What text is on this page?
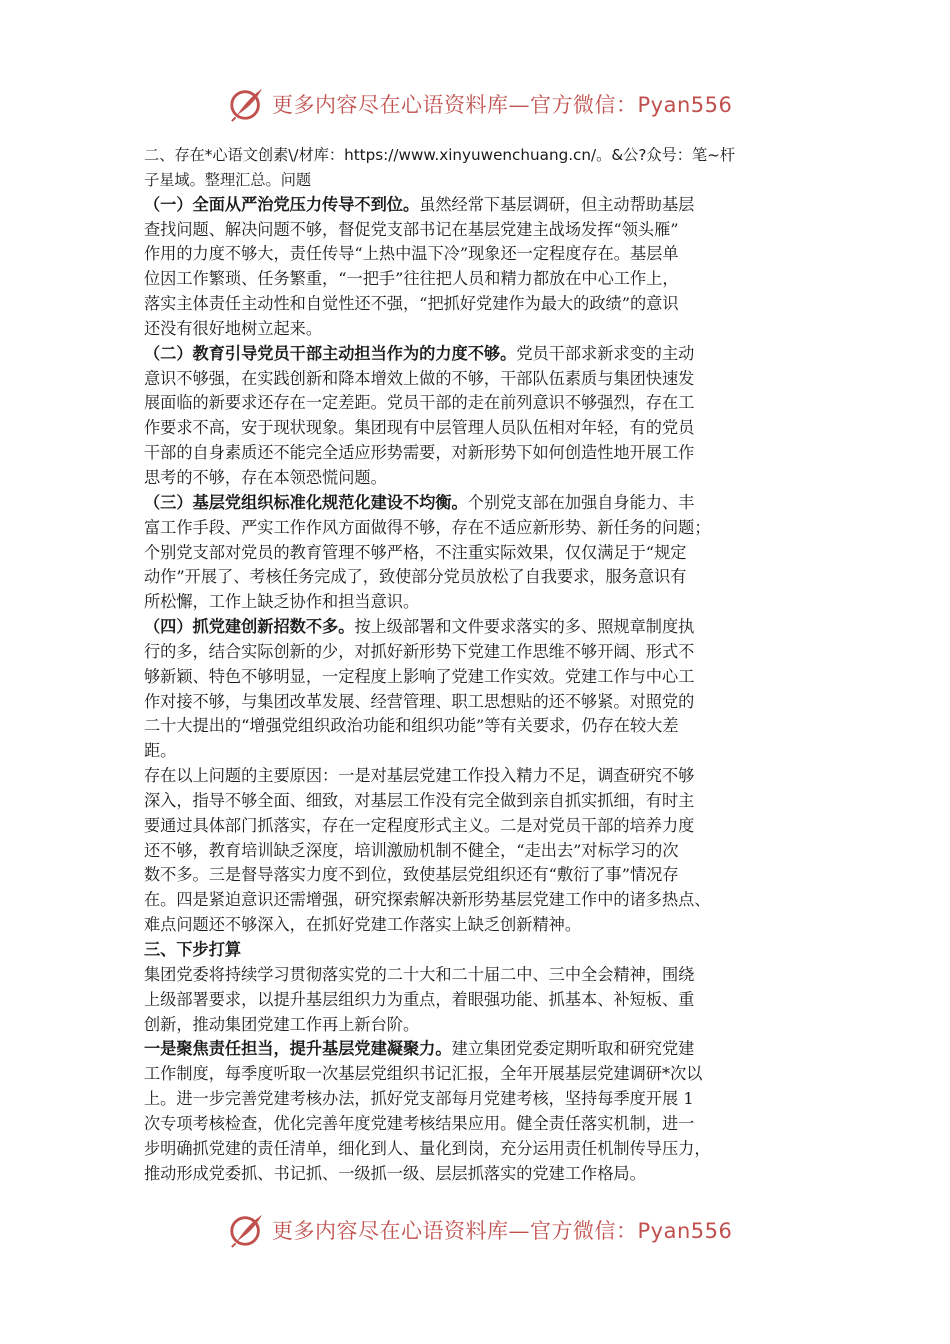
更多内容尽在心语资料库—官方微信：Pyan556
二、存在*心语文创素\/材库：https://www.xinyuwenchuang.cn/。&公?众号：笔~杆
子星域。整理汇总。问题
（一）全面从严治党压力传导不到位。虽然经常下基层调研，但主动帮助基层
查找问题、解决问题不够，督促党支部书记在基层党建主战场发挥“领头雁”
作用的力度不够大，责任传导“上热中温下冷”现象还一定程度存在。基层单
位因工作繁琐、任务繁重，“一把手”往往把人员和精力都放在中心工作上，
落实主体责任主动性和自觉性还不强，“把抓好党建作为最大的政绩”的意识
还没有很好地树立起来。
（二）教育引导党员干部主动担当作为的力度不够。党员干部求新求变的主动
意识不够强，在实践创新和降本增效上做的不够，干部队伍素质与集团快速发
展面临的新要求还存在一定差距。党员干部的走在前列意识不够强烈，存在工
作要求不高，安于现状现象。集团现有中层管理人员队伍相对年轻，有的党员
干部的自身素质还不能完全适应形势需要，对新形势下如何创造性地开展工作
思考的不够，存在本领恐慌问题。
（三）基层党组织标准化规范化建设不均衡。个别党支部在加强自身能力、丰
富工作手段、严实工作作风方面做得不够，存在不适应新形势、新任务的问题；
个别党支部对党员的教育管理不够严格，不注重实际效果，仅仅满足于“规定
动作”开展了、考核任务完成了，致使部分党员放松了自我要求，服务意识有
所松懈，工作上缺乏协作和担当意识。
（四）抓党建创新招数不多。按上级部署和文件要求落实的多、照规章制度执
行的多，结合实际创新的少，对抓好新形势下党建工作思维不够开阔、形式不
够新颖、特色不够明显，一定程度上影响了党建工作实效。党建工作与中心工
作对接不够，与集团改革发展、经营管理、职工思想贴的还不够紧。对照党的
二十大提出的“增强党组织政治功能和组织功能”等有关要求，仍存在较大差
距。
存在以上问题的主要原因：一是对基层党建工作投入精力不足，调查研究不够
深入，指导不够全面、细致，对基层工作没有完全做到亲自抓实抓细，有时主
要通过具体部门抓落实，存在一定程度形式主义。二是对党员干部的培养力度
还不够，教育培训缺乏深度，培训激励机制不健全，“走出去”对标学习的次
数不多。三是督导落实力度不到位，致使基层党组织还有“敷衍了事”情况存
在。四是紧迫意识还需增强，研究探索解决新形势基层党建工作中的诸多热点、
难点问题还不够深入，在抓好党建工作落实上缺乏创新精神。
三、下步打算
集团党委将持续学习贯彻落实党的二十大和二十届二中、三中全会精神，围绕
上级部署要求，以提升基层组织力为重点，着眼强功能、抓基本、补短板、重
创新，推动集团党建工作再上新台阶。
一是聚焦责任担当，提升基层党建凝聚力。建立集团党委定期听取和研究党建
工作制度，每季度听取一次基层党组织书记汇报，全年开展基层党建调研*次以
上。进一步完善党建考核办法，抓好党支部每月党建考核，坚持每季度开展 1
次专项考核检查，优化完善年度党建考核结果应用。健全责任落实机制，进一
步明确抓党建的责任清单，细化到人、量化到岗，充分运用责任机制传导压力，
推动形成党委抓、书记抓、一级抓一级、层层抓落实的党建工作格局。
更多内容尽在心语资料库—官方微信：Pyan556
